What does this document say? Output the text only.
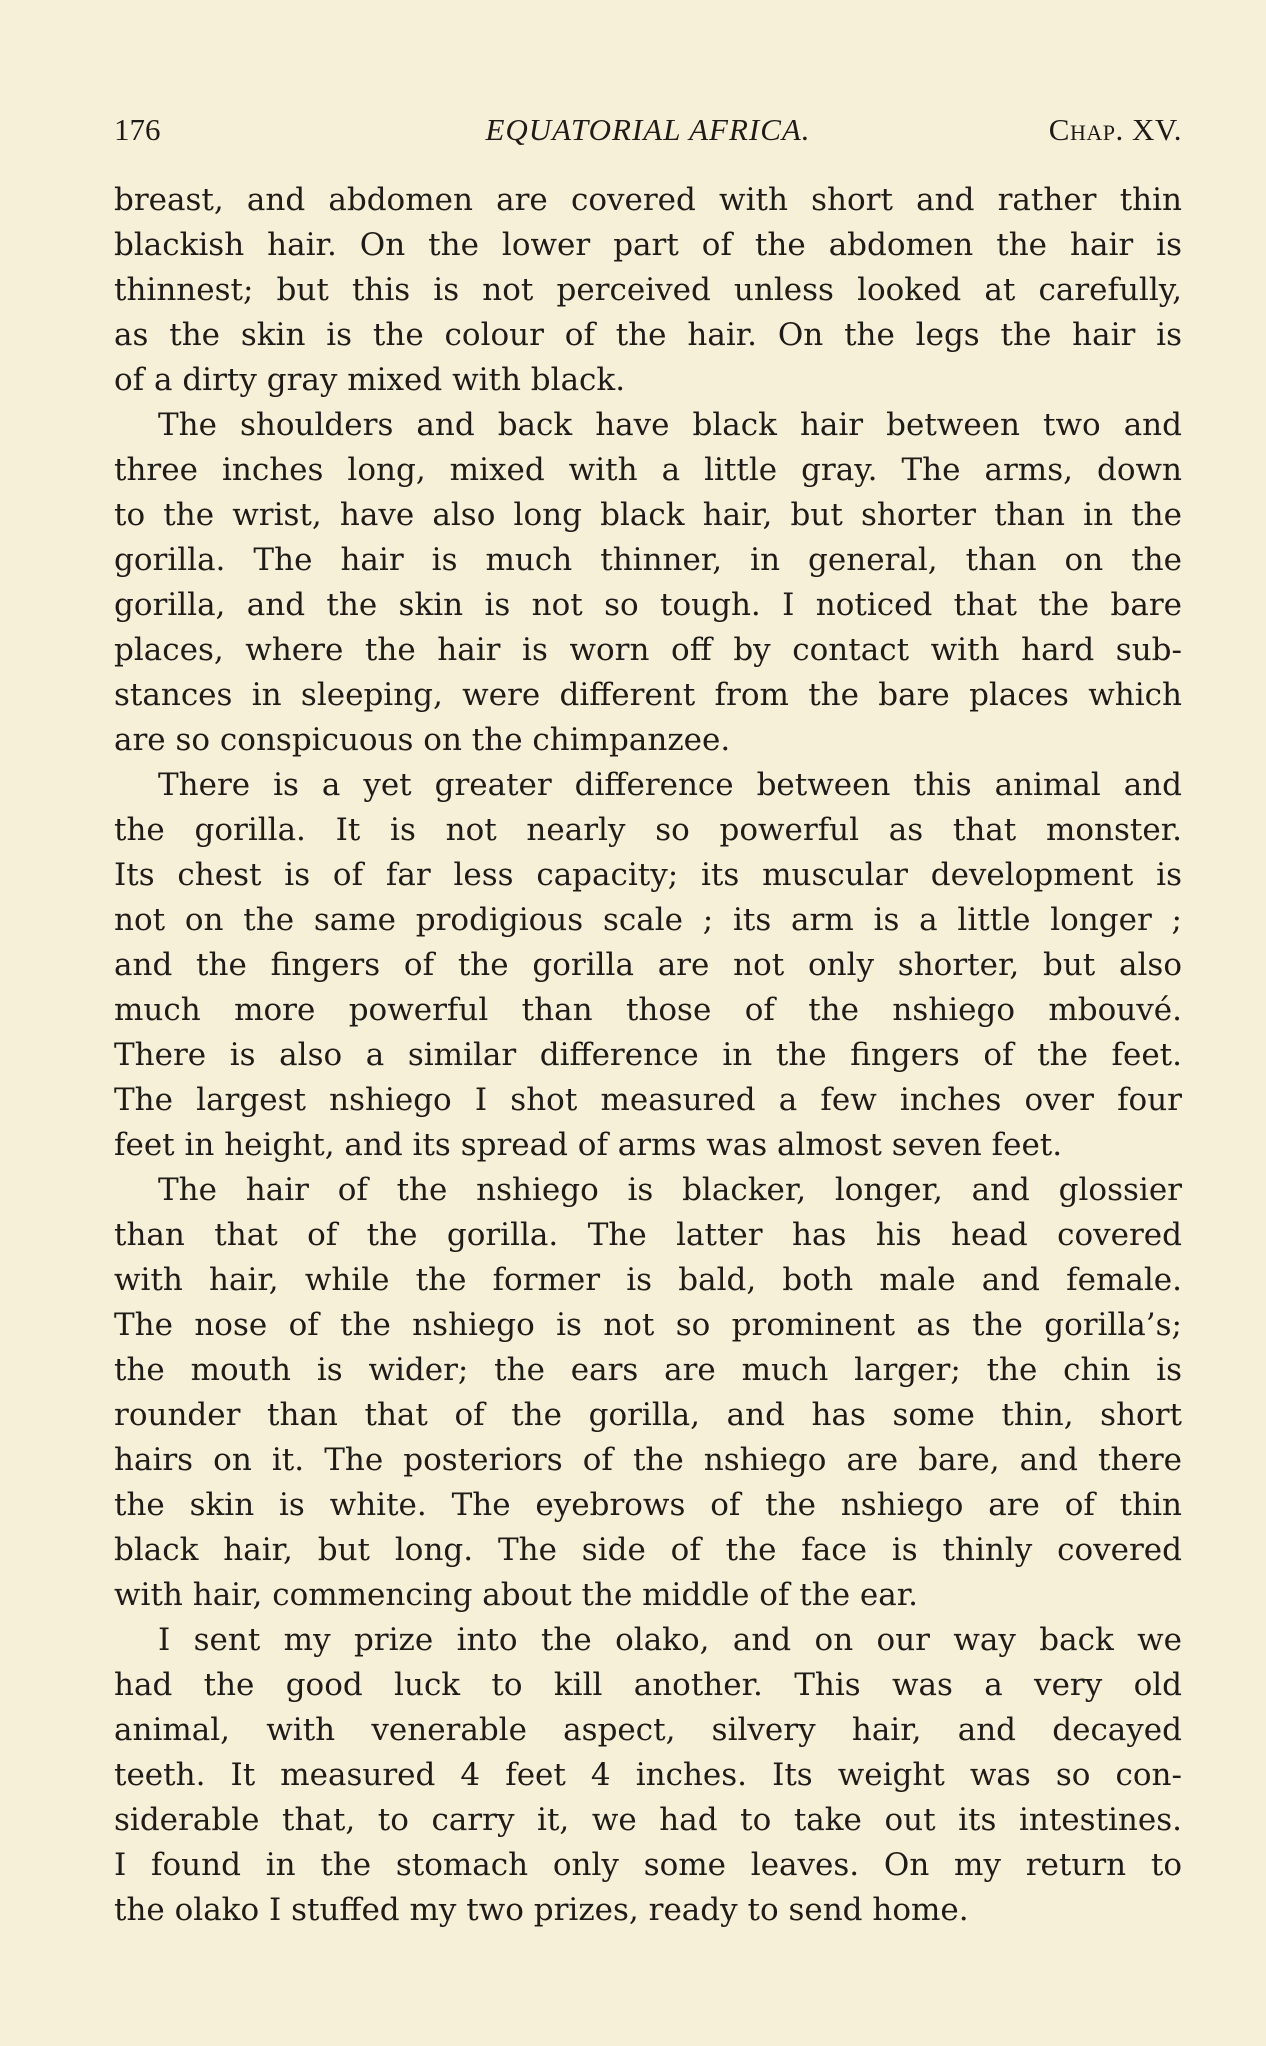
176	EQUATORIAL AFRICA.	Chap. XV.

breast, and abdomen are covered with short and rather thin
blackish hair. On the lower part of the abdomen the hair is
thinnest; but this is not perceived unless looked at carefully,
as the skin is the colour of the hair. On the legs the hair is
of a dirty gray mixed with black.

The shoulders and back have black hair between two and
three inches long, mixed with a little gray. The arms, down
to the wrist, have also long black hair, but shorter than in the
gorilla. The hair is much thinner, in general, than on the
gorilla, and the skin is not so tough. I noticed that the bare
places, where the hair is worn off by contact with hard sub-
stances in sleeping, were different from the bare places which
are so conspicuous on the chimpanzee.

There is a yet greater difference between this animal and
the gorilla. It is not nearly so powerful as that monster.
Its chest is of far less capacity; its muscular development is
not on the same prodigious scale ; its arm is a little longer ;
and the fingers of the gorilla are not only shorter, but also
much more powerful than those of the nshiego mbouvé.
There is also a similar difference in the fingers of the feet.
The largest nshiego I shot measured a few inches over four
feet in height, and its spread of arms was almost seven feet.

The hair of the nshiego is blacker, longer, and glossier
than that of the gorilla. The latter has his head covered
with hair, while the former is bald, both male and female.
The nose of the nshiego is not so prominent as the gorilla’s;
the mouth is wider; the ears are much larger; the chin is
rounder than that of the gorilla, and has some thin, short
hairs on it. The posteriors of the nshiego are bare, and there
the skin is white. The eyebrows of the nshiego are of thin
black hair, but long. The side of the face is thinly covered
with hair, commencing about the middle of the ear.

I sent my prize into the olako, and on our way back we
had the good luck to kill another. This was a very old
animal, with venerable aspect, silvery hair, and decayed
teeth. It measured 4 feet 4 inches. Its weight was so con-
siderable that, to carry it, we had to take out its intestines.
I found in the stomach only some leaves. On my return to
the olako I stuffed my two prizes, ready to send home.
